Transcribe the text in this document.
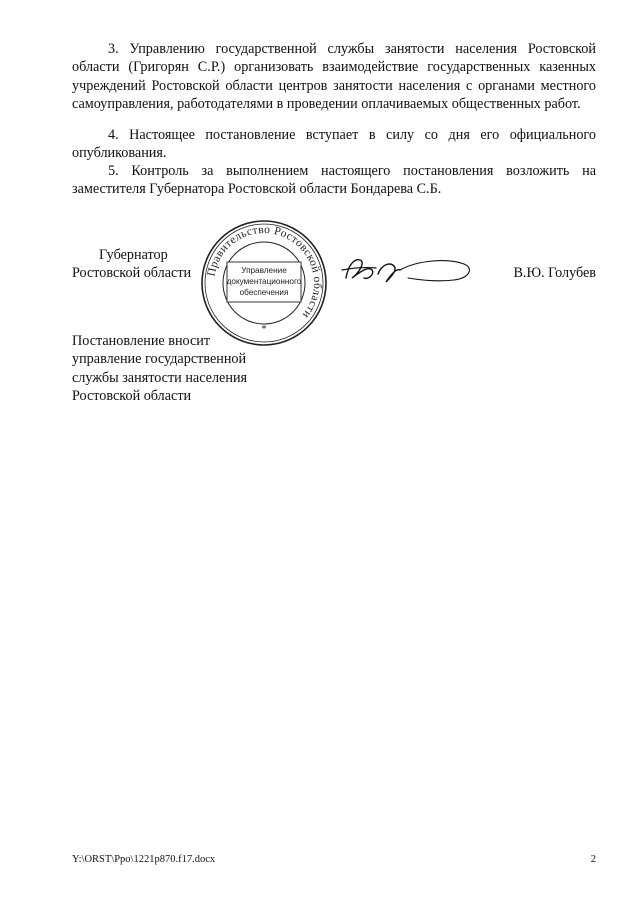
3. Управлению государственной службы занятости населения Ростовской области (Григорян С.Р.) организовать взаимодействие государственных казенных учреждений Ростовской области центров занятости населения с органами местного самоуправления, работодателями в проведении оплачиваемых общественных работ.

4. Настоящее постановление вступает в силу со дня его официального опубликования.

5. Контроль за выполнением настоящего постановления возложить на заместителя Губернатора Ростовской области Бондарева С.Б.

Губернатор
Ростовской области	Правительство Ростовской области
Управление
документационного
обеспечения
*
В.Ю. Голубев
Постановление вносит
управление государственной
службы занятости населения
Ростовской области
Y:\ORST\Ppo\1221p870.f17.docx	2
